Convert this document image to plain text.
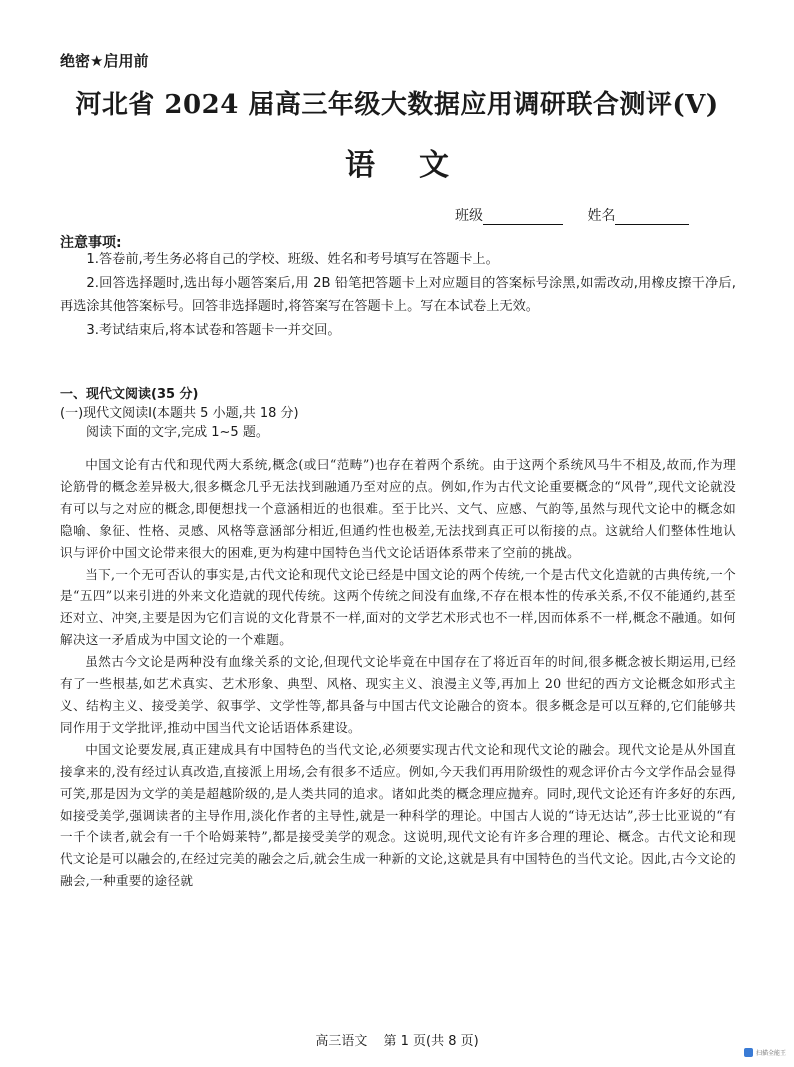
绝密★启用前
河北省 2024 届高三年级大数据应用调研联合测评(Ⅴ)
语文
班级	姓名
注意事项:

1.答卷前,考生务必将自己的学校、班级、姓名和考号填写在答题卡上。

2.回答选择题时,选出每小题答案后,用 2B 铅笔把答题卡上对应题目的答案标号涂黑,如需改动,用橡皮擦干净后,再选涂其他答案标号。回答非选择题时,将答案写在答题卡上。写在本试卷上无效。

3.考试结束后,将本试卷和答题卡一并交回。

一、现代文阅读(35 分)

(一)现代文阅读Ⅰ(本题共 5 小题,共 18 分)

阅读下面的文字,完成 1~5 题。

中国文论有古代和现代两大系统,概念(或曰“范畴”)也存在着两个系统。由于这两个系统风马牛不相及,故而,作为理论筋骨的概念差异极大,很多概念几乎无法找到融通乃至对应的点。例如,作为古代文论重要概念的“风骨”,现代文论就没有可以与之对应的概念,即便想找一个意涵相近的也很难。至于比兴、文气、应感、气韵等,虽然与现代文论中的概念如隐喻、象征、性格、灵感、风格等意涵部分相近,但通约性也极差,无法找到真正可以衔接的点。这就给人们整体性地认识与评价中国文论带来很大的困难,更为构建中国特色当代文论话语体系带来了空前的挑战。

当下,一个无可否认的事实是,古代文论和现代文论已经是中国文论的两个传统,一个是古代文化造就的古典传统,一个是“五四”以来引进的外来文化造就的现代传统。这两个传统之间没有血缘,不存在根本性的传承关系,不仅不能通约,甚至还对立、冲突,主要是因为它们言说的文化背景不一样,面对的文学艺术形式也不一样,因而体系不一样,概念不融通。如何解决这一矛盾成为中国文论的一个难题。

虽然古今文论是两种没有血缘关系的文论,但现代文论毕竟在中国存在了将近百年的时间,很多概念被长期运用,已经有了一些根基,如艺术真实、艺术形象、典型、风格、现实主义、浪漫主义等,再加上 20 世纪的西方文论概念如形式主义、结构主义、接受美学、叙事学、文学性等,都具备与中国古代文论融合的资本。很多概念是可以互释的,它们能够共同作用于文学批评,推动中国当代文论话语体系建设。

中国文论要发展,真正建成具有中国特色的当代文论,必须要实现古代文论和现代文论的融会。现代文论是从外国直接拿来的,没有经过认真改造,直接派上用场,会有很多不适应。例如,今天我们再用阶级性的观念评价古今文学作品会显得可笑,那是因为文学的美是超越阶级的,是人类共同的追求。诸如此类的概念理应抛弃。同时,现代文论还有许多好的东西,如接受美学,强调读者的主导作用,淡化作者的主导性,就是一种科学的理论。中国古人说的“诗无达诂”,莎士比亚说的“有一千个读者,就会有一千个哈姆莱特”,都是接受美学的观念。这说明,现代文论有许多合理的理论、概念。古代文论和现代文论是可以融会的,在经过完美的融会之后,就会生成一种新的文论,这就是具有中国特色的当代文论。因此,古今文论的融会,一种重要的途径就

高三语文 第 1 页(共 8 页)
扫描全能王
